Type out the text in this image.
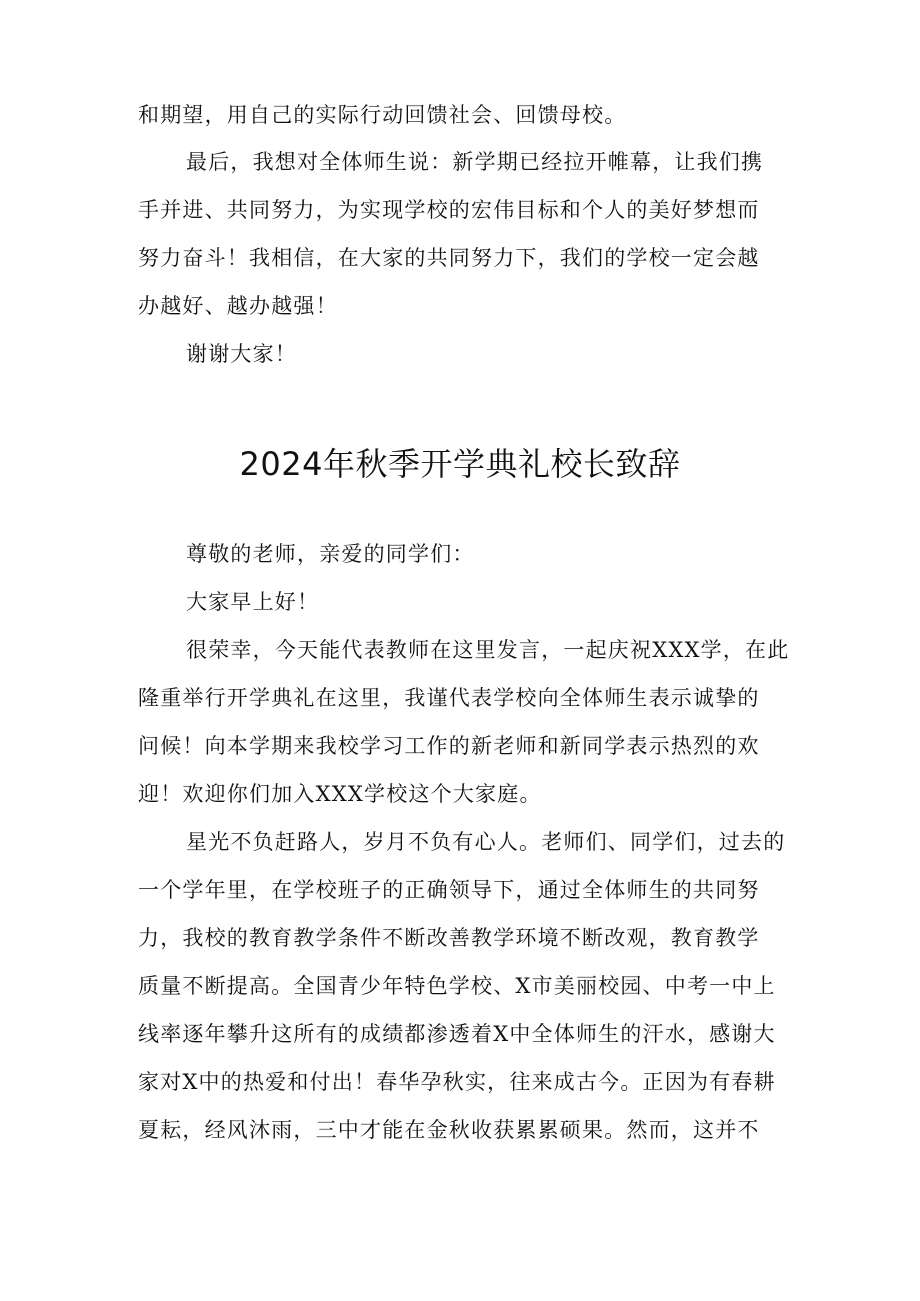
和期望，用自己的实际行动回馈社会、回馈母校。
最后，我想对全体师生说：新学期已经拉开帷幕，让我们携
手并进、共同努力，为实现学校的宏伟目标和个人的美好梦想而
努力奋斗！我相信，在大家的共同努力下，我们的学校一定会越
办越好、越办越强！
谢谢大家！
2024年秋季开学典礼校长致辞
尊敬的老师，亲爱的同学们：
大家早上好！
很荣幸，今天能代表教师在这里发言，一起庆祝XXX学，在此
隆重举行开学典礼在这里，我谨代表学校向全体师生表示诚挚的
问候！向本学期来我校学习工作的新老师和新同学表示热烈的欢
迎！欢迎你们加入XXX学校这个大家庭。
星光不负赶路人，岁月不负有心人。老师们、同学们，过去的
一个学年里，在学校班子的正确领导下，通过全体师生的共同努
力，我校的教育教学条件不断改善教学环境不断改观，教育教学
质量不断提高。全国青少年特色学校、X市美丽校园、中考一中上
线率逐年攀升这所有的成绩都渗透着X中全体师生的汗水，感谢大
家对X中的热爱和付出！春华孕秋实，往来成古今。正因为有春耕
夏耘，经风沐雨，三中才能在金秋收获累累硕果。然而，这并不
